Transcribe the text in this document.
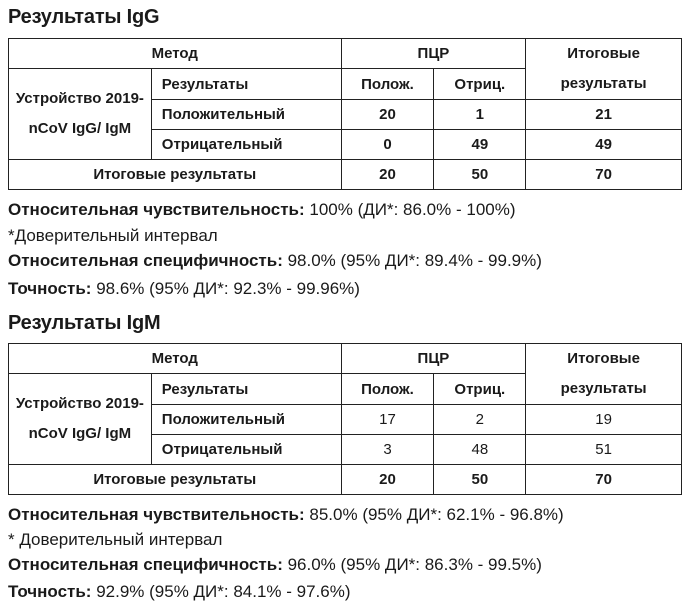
Результаты IgG
Метод		ПЦР		Итоговые результаты
Устройство 2019-nCoV IgG/ IgM	Результаты	Полож.	Отриц.	
	Положительный	20	1	21
	Отрицательный	0	49	49
Итоговые результаты		20	50	70
Относительная чувствительность: 100% (ДИ*: 86.0% - 100%)
*Доверительный интервал
Относительная специфичность: 98.0% (95% ДИ*: 89.4% - 99.9%)
Точность: 98.6% (95% ДИ*: 92.3% - 99.96%)
Результаты IgM
Метод		ПЦР		Итоговые результаты
Устройство 2019-nCoV IgG/ IgM	Результаты	Полож.	Отриц.	
	Положительный	17	2	19
	Отрицательный	3	48	51
Итоговые результаты		20	50	70
Относительная чувствительность: 85.0% (95% ДИ*: 62.1% - 96.8%)
* Доверительный интервал
Относительная специфичность: 96.0% (95% ДИ*: 86.3% - 99.5%)
Точность: 92.9% (95% ДИ*: 84.1% - 97.6%)
